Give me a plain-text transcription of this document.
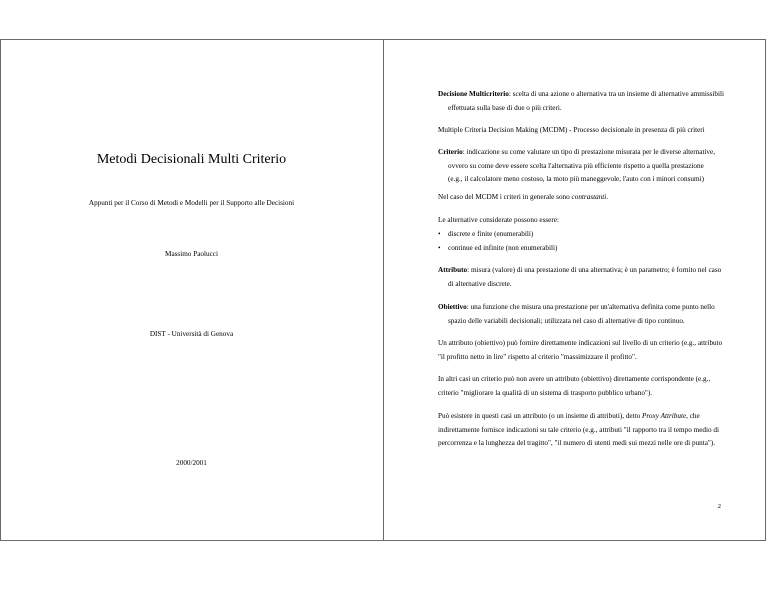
Metodi Decisionali Multi Criterio
Appunti per il Corso di Metodi e Modelli per il Supporto alle Decisioni
Massimo Paolucci
DIST - Università di Genova
2000/2001
Decisione Multicriterio: scelta di una azione o alternativa tra un insieme di alternative ammissibili
effettuata sulla base di due o più criteri.
Multiple Criteria Decision Making (MCDM) - Processo decisionale in presenza di più criteri
Criterio: indicazione su come valutare un tipo di prestazione misurata per le diverse alternative,
ovvero su come deve essere scelta l'alternativa più efficiente rispetto a quella prestazione
(e.g., il calcolatore meno costoso, la moto più maneggevole, l'auto con i minori consumi)
Nel caso del MCDM i criteri in generale sono contrastanti.
Le alternative considerate possono essere:
• discrete e finite (enumerabili)
• continue ed infinite (non enumerabili)
Attributo: misura (valore) di una prestazione di una alternativa; è un parametro; è fornito nel caso
di alternative discrete.
Obiettivo: una funzione che misura una prestazione per un'alternativa definita come punto nello
spazio delle variabili decisionali; utilizzata nel caso di alternative di tipo continuo.
Un attributo (obiettivo) può fornire direttamente indicazioni sul livello di un criterio (e.g., attributo
"il profitto netto in lire" rispetto al criterio "massimizzare il profitto".
In altri casi un criterio può non avere un attributo (obiettivo) direttamente corrispondente (e.g.,
criterio "migliorare la qualità di un sistema di trasporto pubblico urbano").
Può esistere in questi casi un attributo (o un insieme di attributi), detto Proxy Attribute, che
indirettamente fornisce indicazioni su tale criterio (e.g., attributi "il rapporto tra il tempo medio di
percorrenza e la lunghezza del tragitto", "il numero di utenti medi sui mezzi nelle ore di punta").
2
